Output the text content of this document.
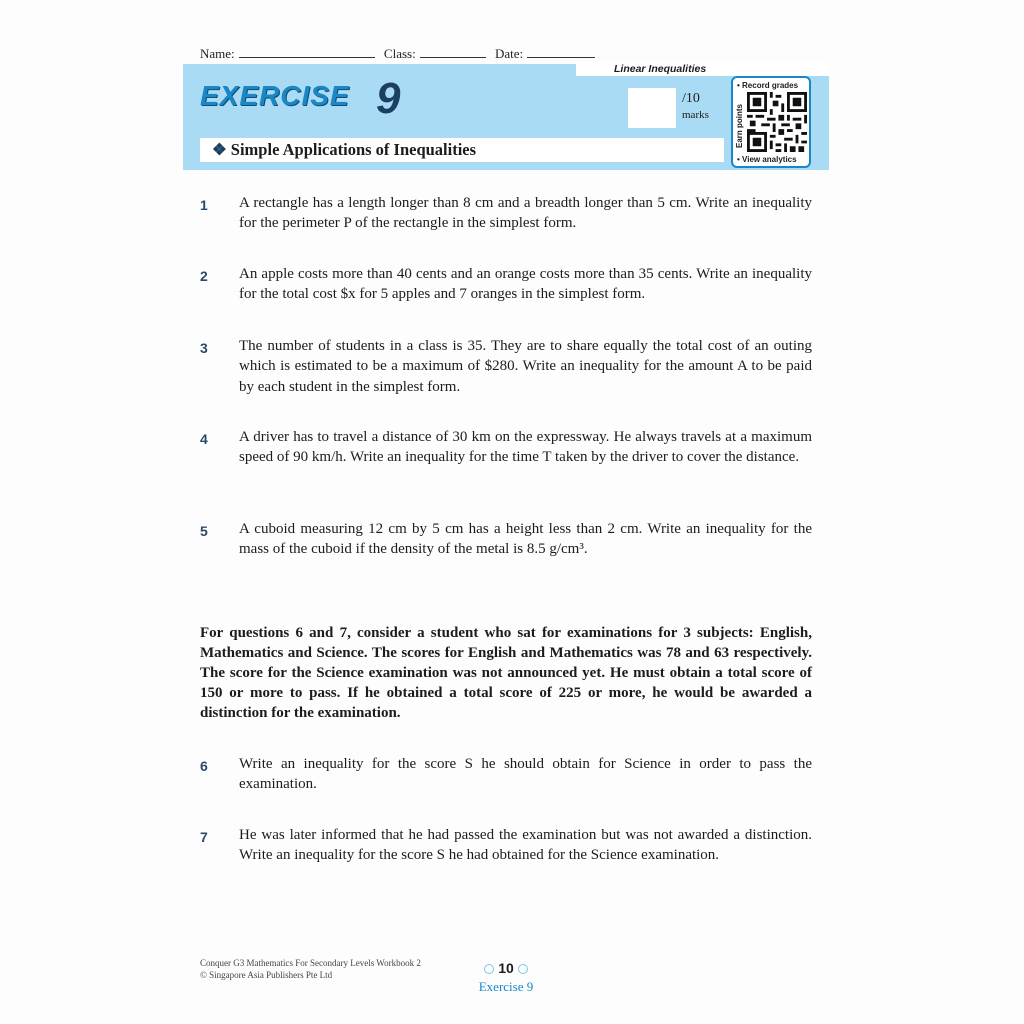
Name:	Class:	Date:
Linear Inequalities
EXERCISE 9	/10
marks
❖ Simple Applications of Inequalities
• Record grades
Earn points
• View analytics
1 A rectangle has a length longer than 8 cm and a breadth longer than 5 cm. Write an inequality for the perimeter P of the rectangle in the simplest form.
2 An apple costs more than 40 cents and an orange costs more than 35 cents. Write an inequality for the total cost $x for 5 apples and 7 oranges in the simplest form.
3 The number of students in a class is 35. They are to share equally the total cost of an outing which is estimated to be a maximum of $280. Write an inequality for the amount A to be paid by each student in the simplest form.
4 A driver has to travel a distance of 30 km on the expressway. He always travels at a maximum speed of 90 km/h. Write an inequality for the time T taken by the driver to cover the distance.
5 A cuboid measuring 12 cm by 5 cm has a height less than 2 cm. Write an inequality for the mass of the cuboid if the density of the metal is 8.5 g/cm³.
For questions 6 and 7, consider a student who sat for examinations for 3 subjects: English, Mathematics and Science. The scores for English and Mathematics was 78 and 63 respectively. The score for the Science examination was not announced yet. He must obtain a total score of 150 or more to pass. If he obtained a total score of 225 or more, he would be awarded a distinction for the examination.
6 Write an inequality for the score S he should obtain for Science in order to pass the examination.
7 He was later informed that he had passed the examination but was not awarded a distinction. Write an inequality for the score S he had obtained for the Science examination.
Conquer G3 Mathematics For Secondary Levels Workbook 2
© Singapore Asia Publishers Pte Ltd	10
Exercise 9
